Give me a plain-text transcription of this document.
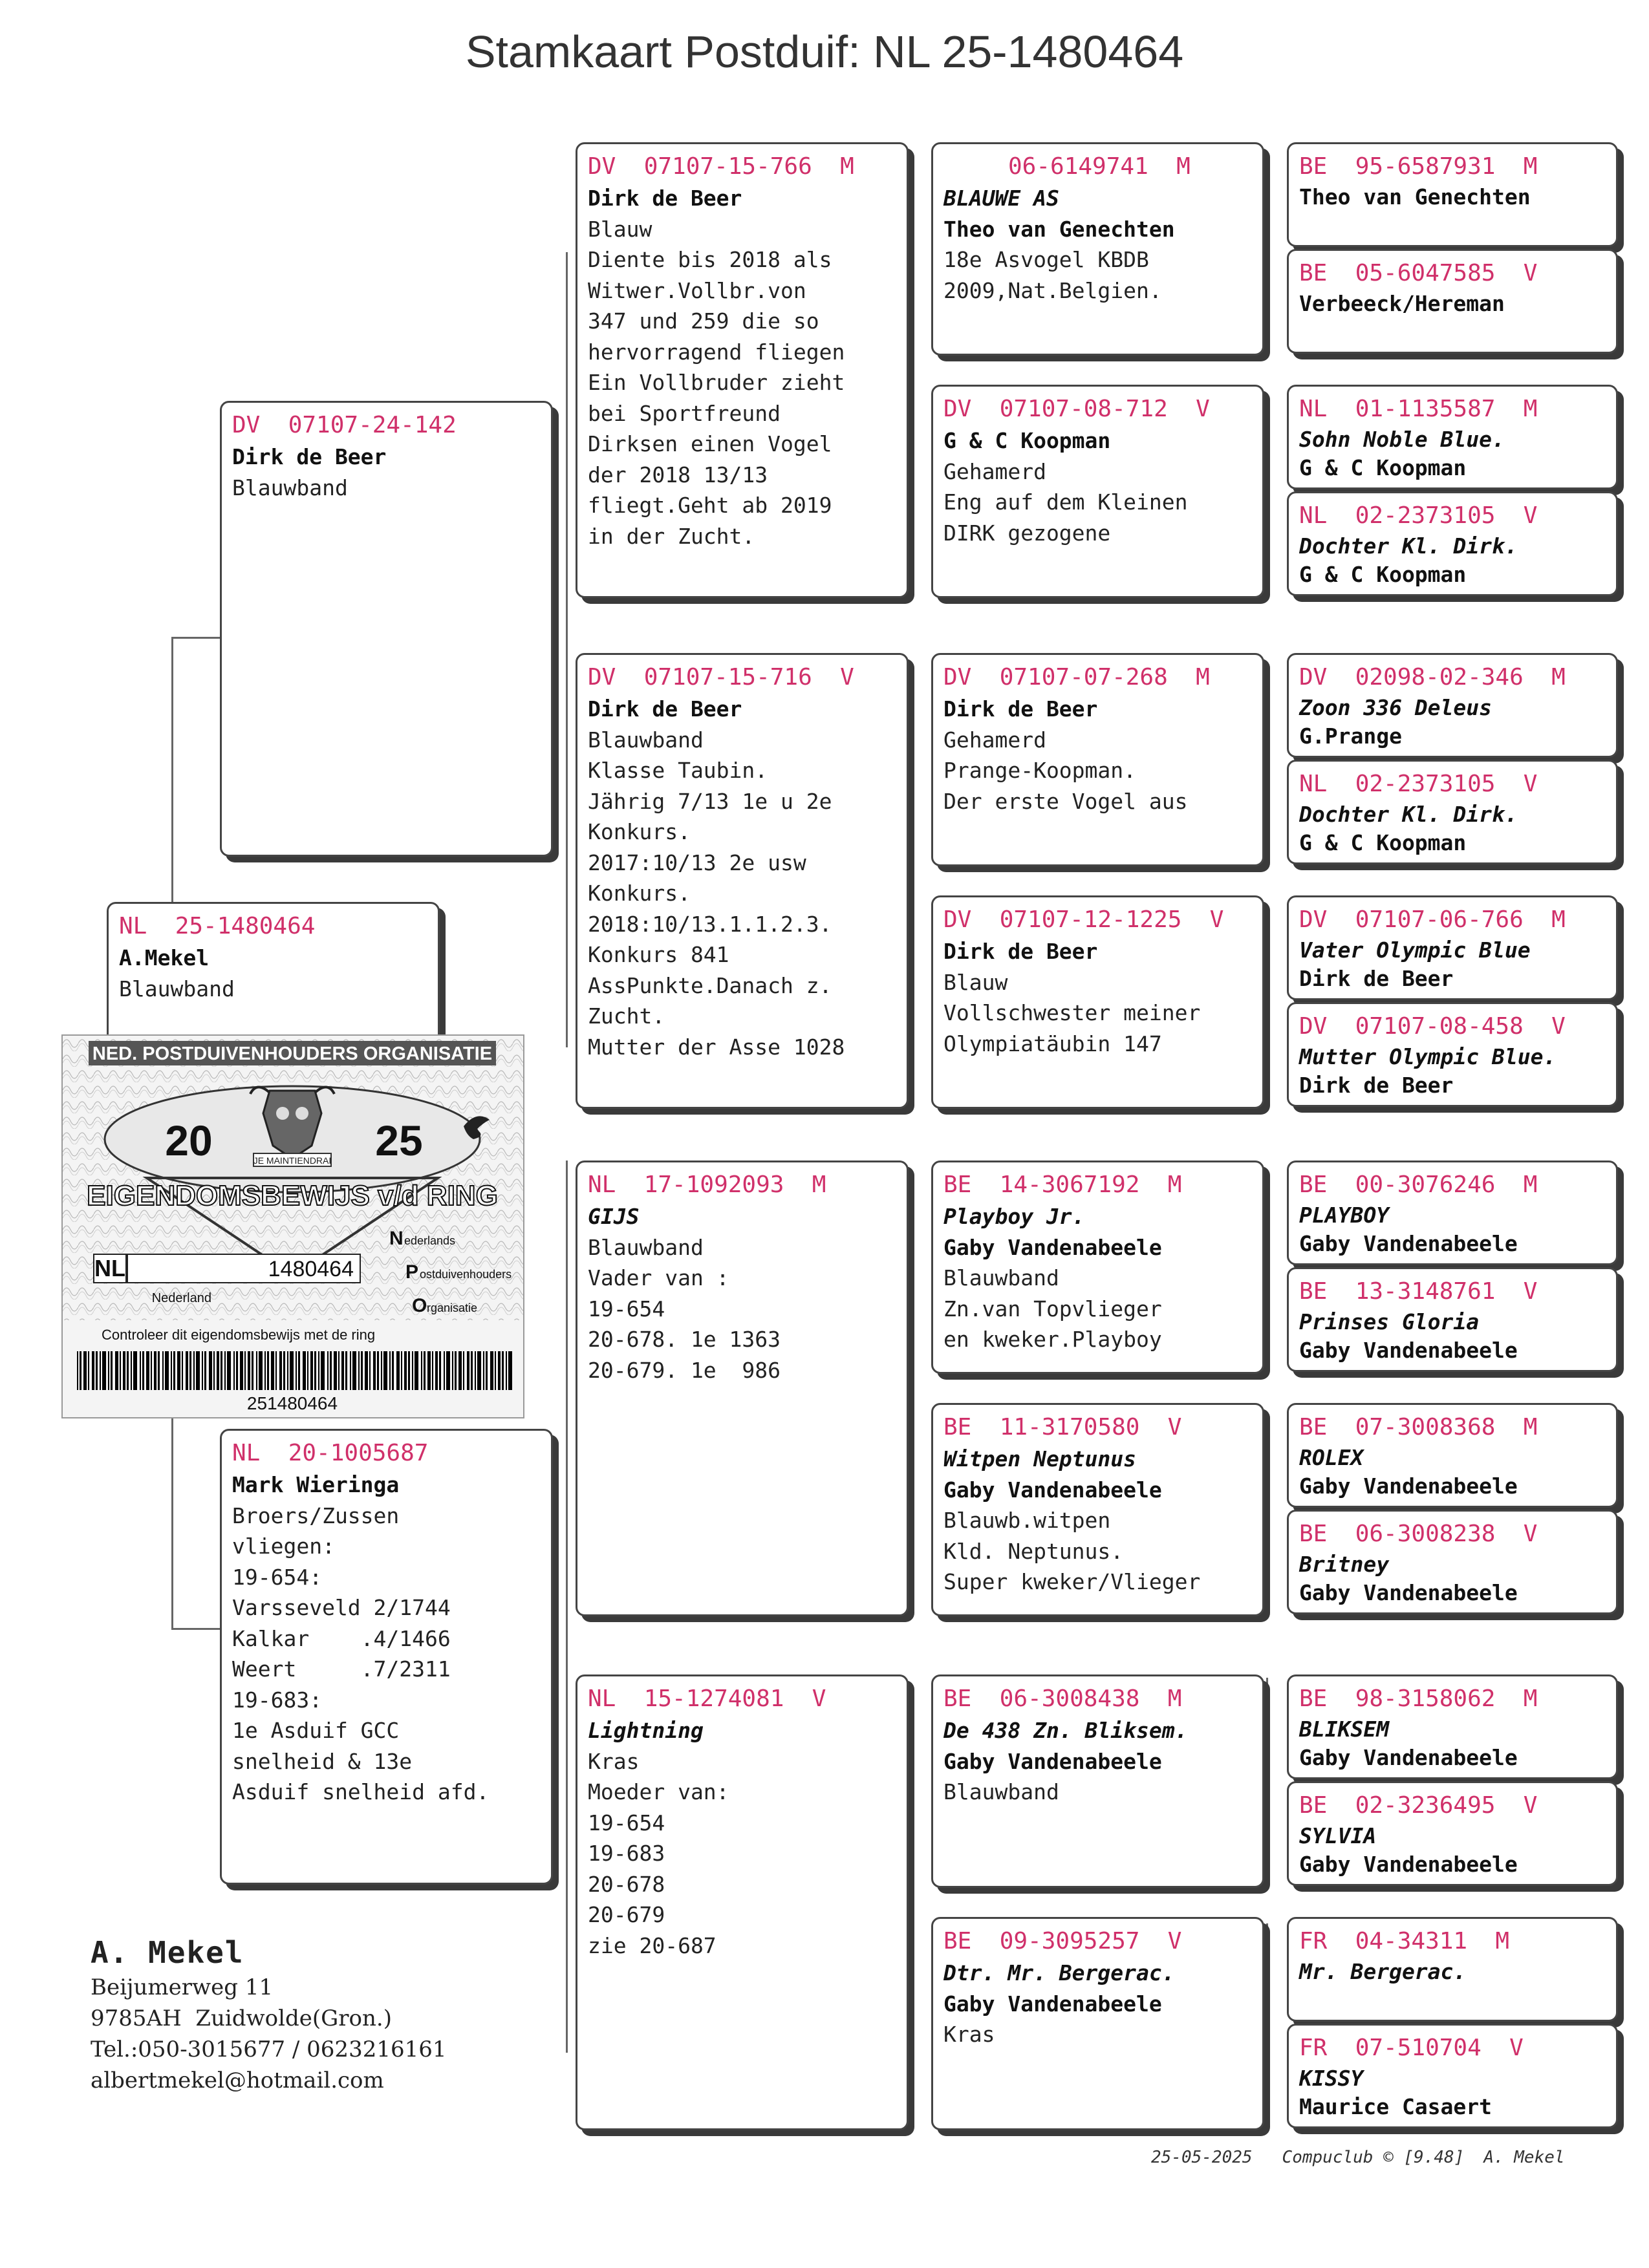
Stamkaart Postduif: NL 25-1480464
NL  25-1480464
A.Mekel
Blauwband
DV  07107-24-142
Dirk de Beer
Blauwband
NL  20-1005687
Mark Wieringa
Broers/Zussen
vliegen:
19-654:
Varsseveld 2/1744
Kalkar    .4/1466
Weert     .7/2311
19-683:
1e Asduif GCC
snelheid & 13e
Asduif snelheid afd.
DV  07107-15-766  M
Dirk de Beer
Blauw
Diente bis 2018 als
Witwer.Vollbr.von
347 und 259 die so
hervorragend fliegen
Ein Vollbruder zieht
bei Sportfreund
Dirksen einen Vogel
der 2018 13/13
fliegt.Geht ab 2019
in der Zucht.
DV  07107-15-716  V
Dirk de Beer
Blauwband
Klasse Taubin.
Jährig 7/13 1e u 2e
Konkurs.
2017:10/13 2e usw
Konkurs.
2018:10/13.1.1.2.3.
Konkurs 841
AssPunkte.Danach z.
Zucht.
Mutter der Asse 1028
NL  17-1092093  M
GIJS
Blauwband
Vader van :
19-654
20-678. 1e 1363
20-679. 1e  986
NL  15-1274081  V
Lightning
Kras
Moeder van:
19-654
19-683
20-678
20-679
zie 20-687
06-6149741  M
BLAUWE AS
Theo van Genechten
18e Asvogel KBDB
2009,Nat.Belgien.
DV  07107-08-712  V
G & C Koopman
Gehamerd
Eng auf dem Kleinen
DIRK gezogene
DV  07107-07-268  M
Dirk de Beer
Gehamerd
Prange-Koopman.
Der erste Vogel aus
DV  07107-12-1225  V
Dirk de Beer
Blauw
Vollschwester meiner
Olympiatäubin 147
BE  14-3067192  M
Playboy Jr.
Gaby Vandenabeele
Blauwband
Zn.van Topvlieger
en kweker.Playboy
BE  11-3170580  V
Witpen Neptunus
Gaby Vandenabeele
Blauwb.witpen
Kld. Neptunus.
Super kweker/Vlieger
BE  06-3008438  M
De 438 Zn. Bliksem.
Gaby Vandenabeele
Blauwband
BE  09-3095257  V
Dtr. Mr. Bergerac.
Gaby Vandenabeele
Kras
BE  95-6587931  M
Theo van Genechten
BE  05-6047585  V
Verbeeck/Hereman
NL  01-1135587  M
Sohn Noble Blue.
G & C Koopman
NL  02-2373105  V
Dochter Kl. Dirk.
G & C Koopman
DV  02098-02-346  M
Zoon 336 Deleus
G.Prange
NL  02-2373105  V
Dochter Kl. Dirk.
G & C Koopman
DV  07107-06-766  M
Vater Olympic Blue
Dirk de Beer
DV  07107-08-458  V
Mutter Olympic Blue.
Dirk de Beer
BE  00-3076246  M
PLAYBOY
Gaby Vandenabeele
BE  13-3148761  V
Prinses Gloria
Gaby Vandenabeele
BE  07-3008368  M
ROLEX
Gaby Vandenabeele
BE  06-3008238  V
Britney
Gaby Vandenabeele
BE  98-3158062  M
BLIKSEM
Gaby Vandenabeele
BE  02-3236495  V
SYLVIA
Gaby Vandenabeele
FR  04-34311  M
Mr. Bergerac.
FR  07-510704  V
KISSY
Maurice Casaert
NED. POSTDUIVENHOUDERS ORGANISATIE
20	25
JE MAINTIENDRAI
EIGENDOMSBEWIJS v/d RING
NL	1480464
Nederland
N ederlands
P ostduivenhouders
O rganisatie
Controleer dit eigendomsbewijs met de ring
251480464
A. Mekel
Beijumerweg 11
9785AH  Zuidwolde(Gron.)
Tel.:050-3015677 / 0623216161
albertmekel@hotmail.com
25-05-2025 Compuclub © [9.48] A. Mekel
